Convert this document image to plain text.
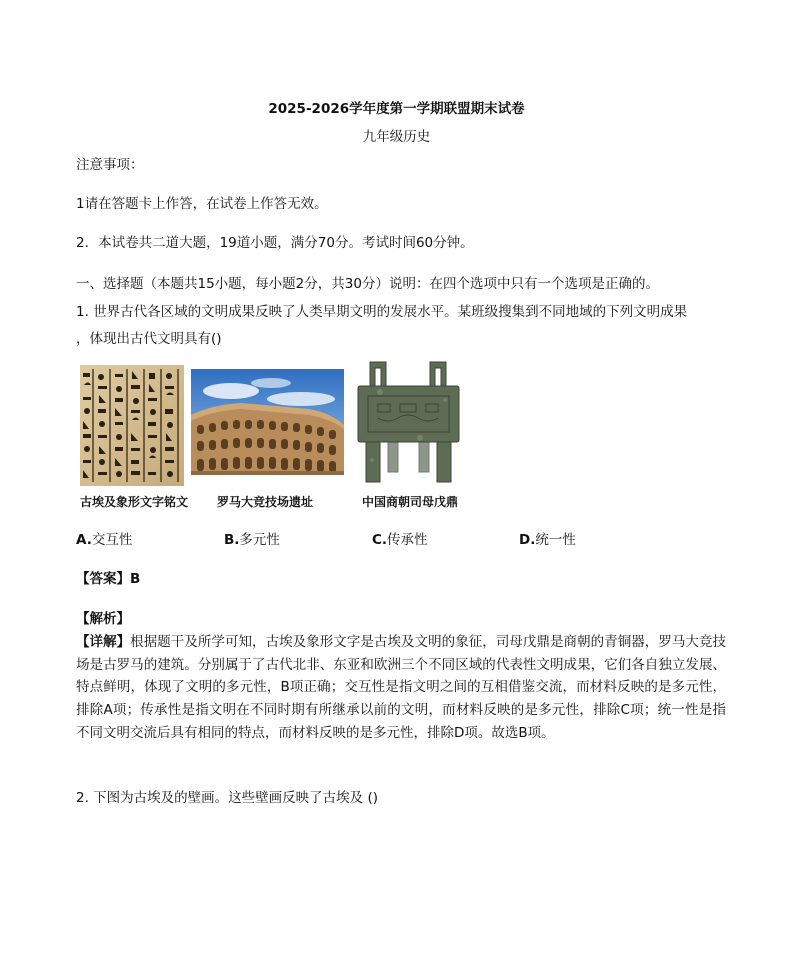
2025-2026学年度第一学期联盟期末试卷
九年级历史
注意事项：
1请在答题卡上作答，在试卷上作答无效。
2．本试卷共二道大题，19道小题，满分70分。考试时间60分钟。
一、选择题（本题共15小题，每小题2分，共30分）说明：在四个选项中只有一个选项是正确的。
1. 世界古代各区域的文明成果反映了人类早期文明的发展水平。某班级搜集到不同地域的下列文明成果
，体现出古代文明具有()
古埃及象形文字铭文 罗马大竞技场遗址	中国商朝司母戊鼎
A.交互性	B.多元性	C.传承性	D.统一性
【答案】B
【解析】
【详解】根据题干及所学可知，古埃及象形文字是古埃及文明的象征，司母戊鼎是商朝的青铜器，罗马大竞技场是古罗马的建筑。分别属于了古代北非、东亚和欧洲三个不同区域的代表性文明成果，它们各自独立发展、特点鲜明，体现了文明的多元性，B项正确；交互性是指文明之间的互相借鉴交流，而材料反映的是多元性，排除A项；传承性是指文明在不同时期有所继承以前的文明，而材料反映的是多元性，排除C项；统一性是指不同文明交流后具有相同的特点，而材料反映的是多元性，排除D项。故选B项。
2. 下图为古埃及的壁画。这些壁画反映了古埃及 ()
